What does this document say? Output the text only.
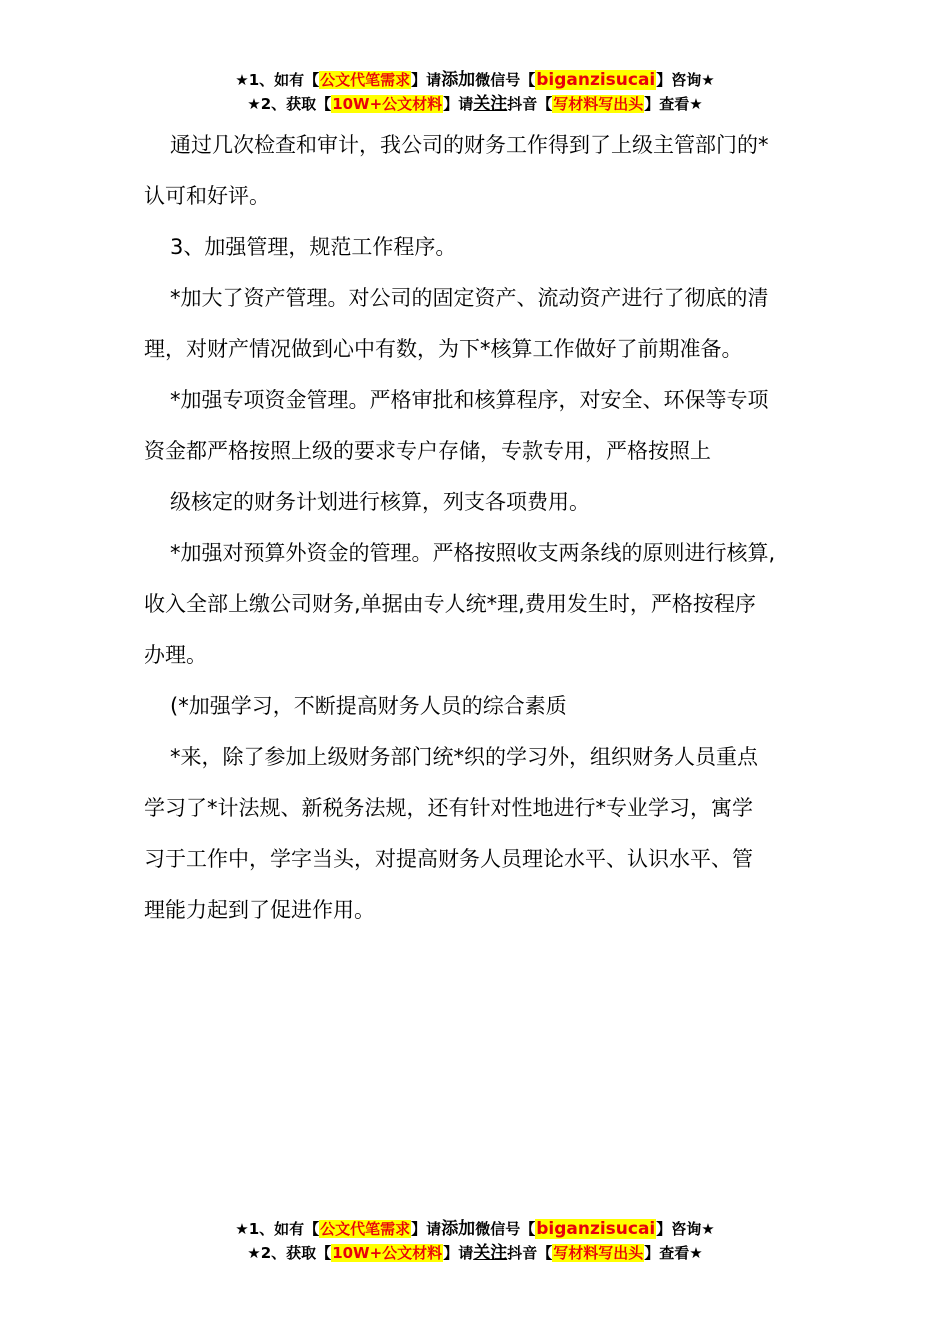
★1、如有【公文代笔需求】请添加微信号【biganzisucai】咨询★
★2、获取【10W+公文材料】请关注抖音【写材料写出头】查看★
通过几次检查和审计，我公司的财务工作得到了上级主管部门的*
认可和好评。
3、加强管理，规范工作程序。
*加大了资产管理。对公司的固定资产、流动资产进行了彻底的清
理，对财产情况做到心中有数，为下*核算工作做好了前期准备。
*加强专项资金管理。严格审批和核算程序，对安全、环保等专项
资金都严格按照上级的要求专户存储，专款专用，严格按照上
级核定的财务计划进行核算，列支各项费用。
*加强对预算外资金的管理。严格按照收支两条线的原则进行核算,
收入全部上缴公司财务,单据由专人统*理,费用发生时，严格按程序
办理。
(*加强学习，不断提高财务人员的综合素质
*来，除了参加上级财务部门统*织的学习外，组织财务人员重点
学习了*计法规、新税务法规，还有针对性地进行*专业学习，寓学
习于工作中，学字当头，对提高财务人员理论水平、认识水平、管
理能力起到了促进作用。
★1、如有【公文代笔需求】请添加微信号【biganzisucai】咨询★
★2、获取【10W+公文材料】请关注抖音【写材料写出头】查看★
